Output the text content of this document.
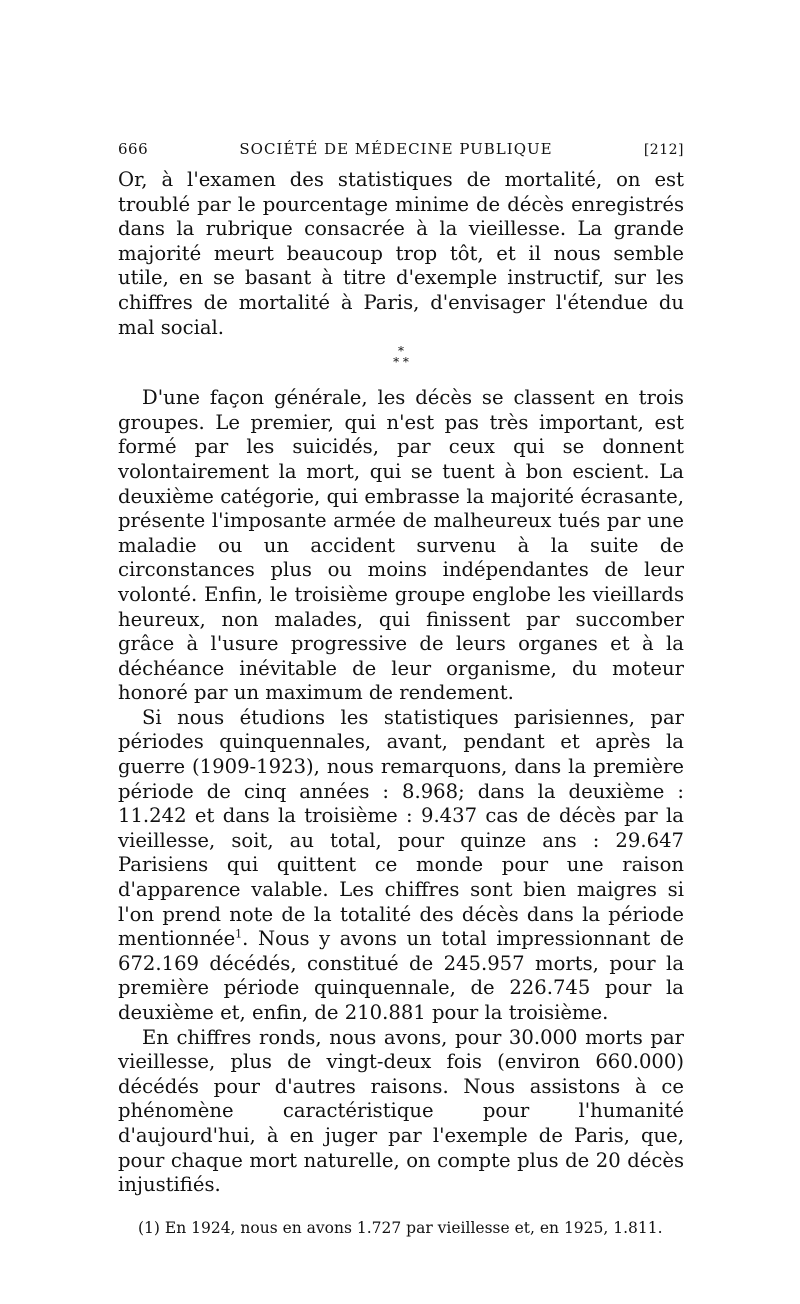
666	SOCIÉTÉ DE MÉDECINE PUBLIQUE	[212]

Or, à l'examen des statistiques de mortalité, on est troublé par le pourcentage minime de décès enregistrés dans la rubrique consacrée à la vieillesse. La grande majorité meurt beaucoup trop tôt, et il nous semble utile, en se basant à titre d'exemple instructif, sur les chiffres de mortalité à Paris, d'envisager l'étendue du mal social.

*
* *

D'une façon générale, les décès se classent en trois groupes. Le premier, qui n'est pas très important, est formé par les suicidés, par ceux qui se donnent volontairement la mort, qui se tuent à bon escient. La deuxième catégorie, qui embrasse la majorité écrasante, présente l'imposante armée de malheureux tués par une maladie ou un accident survenu à la suite de circonstances plus ou moins indépendantes de leur volonté. Enfin, le troisième groupe englobe les vieillards heureux, non malades, qui finissent par succomber grâce à l'usure progressive de leurs organes et à la déchéance inévitable de leur organisme, du moteur honoré par un maximum de rendement.

Si nous étudions les statistiques parisiennes, par périodes quinquennales, avant, pendant et après la guerre (1909-1923), nous remarquons, dans la première période de cinq années : 8.968; dans la deuxième : 11.242 et dans la troisième : 9.437 cas de décès par la vieillesse, soit, au total, pour quinze ans : 29.647 Parisiens qui quittent ce monde pour une raison d'apparence valable. Les chiffres sont bien maigres si l'on prend note de la totalité des décès dans la période mentionnée$^1$. Nous y avons un total impressionnant de 672.169 décédés, constitué de 245.957 morts, pour la première période quinquennale, de 226.745 pour la deuxième et, enfin, de 210.881 pour la troisième.

En chiffres ronds, nous avons, pour 30.000 morts par vieillesse, plus de vingt-deux fois (environ 660.000) décédés pour d'autres raisons. Nous assistons à ce phénomène caractéristique pour l'humanité d'aujourd'hui, à en juger par l'exemple de Paris, que, pour chaque mort naturelle, on compte plus de 20 décès injustifiés.

(1) En 1924, nous en avons 1.727 par vieillesse et, en 1925, 1.811.
